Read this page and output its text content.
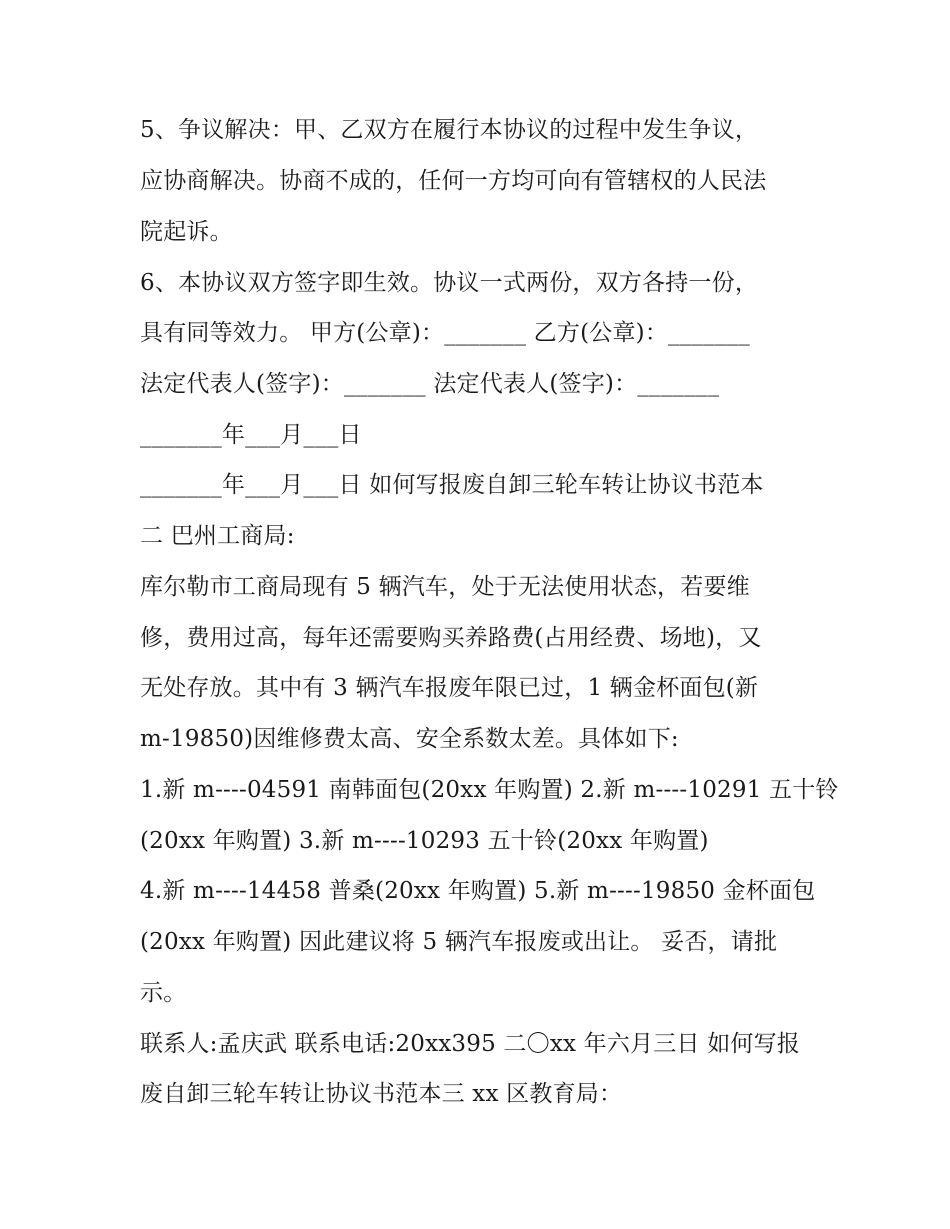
5、争议解决：甲、乙双方在履行本协议的过程中发生争议，
应协商解决。协商不成的，任何一方均可向有管辖权的人民法
院起诉。
6、本协议双方签字即生效。协议一式两份，双方各持一份，
具有同等效力。 甲方(公章)：_______ 乙方(公章)：_______
法定代表人(签字)：_______ 法定代表人(签字)：_______
_______年___月___日
_______年___月___日 如何写报废自卸三轮车转让协议书范本
二 巴州工商局:
库尔勒市工商局现有 5 辆汽车，处于无法使用状态，若要维
修，费用过高，每年还需要购买养路费(占用经费、场地)，又
无处存放。其中有 3 辆汽车报废年限已过，1 辆金杯面包(新
m-19850)因维修费太高、安全系数太差。具体如下:
1.新 m----04591 南韩面包(20xx 年购置) 2.新 m----10291 五十铃
(20xx 年购置) 3.新 m----10293 五十铃(20xx 年购置)
4.新 m----14458 普桑(20xx 年购置) 5.新 m----19850 金杯面包
(20xx 年购置) 因此建议将 5 辆汽车报废或出让。 妥否，请批
示。
联系人:孟庆武 联系电话:20xx395 二〇xx 年六月三日 如何写报
废自卸三轮车转让协议书范本三 xx 区教育局：
